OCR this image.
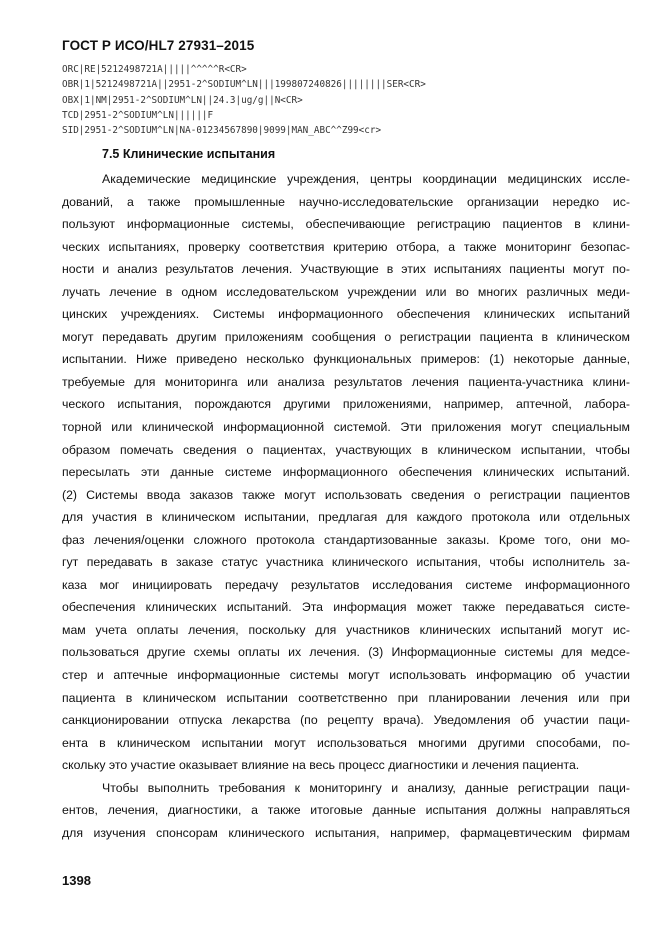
ГОСТ Р ИСО/HL7 27931–2015
ORC|RE|5212498721A|||||^^^^^R<CR>
OBR|1|5212498721A||2951-2^SODIUM^LN|||199807240826||||||||SER<CR>
OBX|1|NM|2951-2^SODIUM^LN||24.3|ug/g||N<CR>
TCD|2951-2^SODIUM^LN||||||F
SID|2951-2^SODIUM^LN|NA-01234567890|9099|MAN_ABC^^Z99<cr>
7.5 Клинические испытания
Академические медицинские учреждения, центры координации медицинских иссле-
дований, а также промышленные научно-исследовательские организации нередко ис-
пользуют информационные системы, обеспечивающие регистрацию пациентов в клини-
ческих испытаниях, проверку соответствия критерию отбора, а также мониторинг безопас-
ности и анализ результатов лечения. Участвующие в этих испытаниях пациенты могут по-
лучать лечение в одном исследовательском учреждении или во многих различных меди-
цинских учреждениях. Системы информационного обеспечения клинических испытаний
могут передавать другим приложениям сообщения о регистрации пациента в клиническом
испытании. Ниже приведено несколько функциональных примеров: (1) некоторые данные,
требуемые для мониторинга или анализа результатов лечения пациента-участника клини-
ческого испытания, порождаются другими приложениями, например, аптечной, лабора-
торной или клинической информационной системой. Эти приложения могут специальным
образом помечать сведения о пациентах, участвующих в клиническом испытании, чтобы
пересылать эти данные системе информационного обеспечения клинических испытаний.
(2) Системы ввода заказов также могут использовать сведения о регистрации пациентов
для участия в клиническом испытании, предлагая для каждого протокола или отдельных
фаз лечения/оценки сложного протокола стандартизованные заказы. Кроме того, они мо-
гут передавать в заказе статус участника клинического испытания, чтобы исполнитель за-
каза мог инициировать передачу результатов исследования системе информационного
обеспечения клинических испытаний. Эта информация может также передаваться систе-
мам учета оплаты лечения, поскольку для участников клинических испытаний могут ис-
пользоваться другие схемы оплаты их лечения. (3) Информационные системы для медсе-
стер и аптечные информационные системы могут использовать информацию об участии
пациента в клиническом испытании соответственно при планировании лечения или при
санкционировании отпуска лекарства (по рецепту врача). Уведомления об участии паци-
ента в клиническом испытании могут использоваться многими другими способами, по-
скольку это участие оказывает влияние на весь процесс диагностики и лечения пациента.
Чтобы выполнить требования к мониторингу и анализу, данные регистрации паци-
ентов, лечения, диагностики, а также итоговые данные испытания должны направляться
для изучения спонсорам клинического испытания, например, фармацевтическим фирмам
1398
